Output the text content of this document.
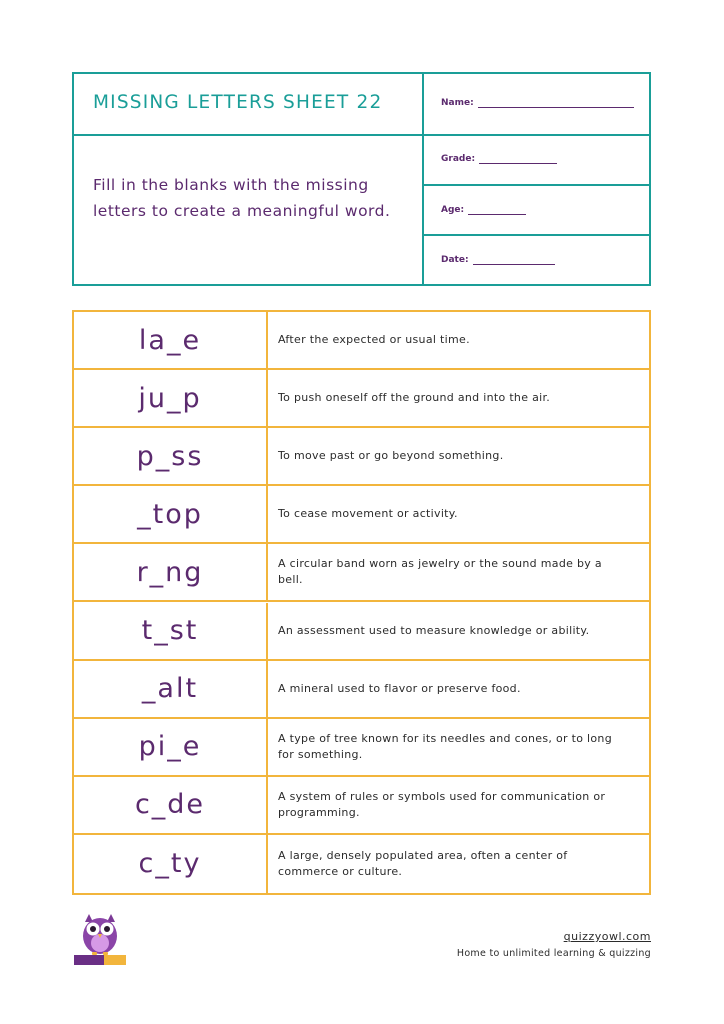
MISSING LETTERS SHEET 22
Fill in the blanks with the missing letters to create a meaningful word.
Name:
Grade:
Age:
Date:
la_e	After the expected or usual time.
ju_p	To push oneself off the ground and into the air.
p_ss	To move past or go beyond something.
_top	To cease movement or activity.
r_ng	A circular band worn as jewelry or the sound made by a bell.
t_st	An assessment used to measure knowledge or ability.
_alt	A mineral used to flavor or preserve food.
pi_e	A type of tree known for its needles and cones, or to long for something.
c_de	A system of rules or symbols used for communication or programming.
c_ty	A large, densely populated area, often a center of commerce or culture.
quizzyowl.com
Home to unlimited learning & quizzing
